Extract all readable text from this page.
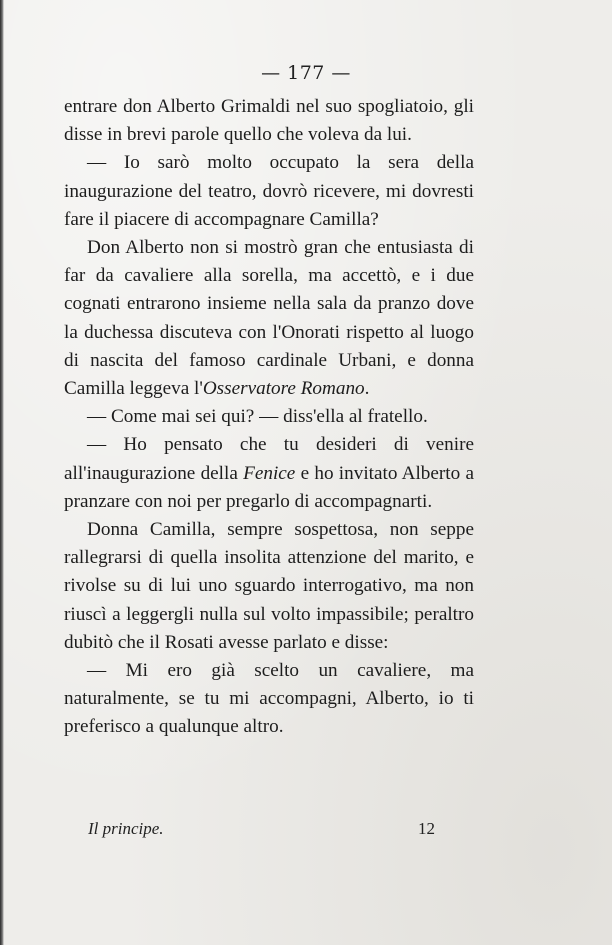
— 177 —

entrare don Alberto Grimaldi nel suo spogliatoio, gli disse in brevi parole quello che voleva da lui.

— Io sarò molto occupato la sera della inaugurazione del teatro, dovrò ricevere, mi dovresti fare il piacere di accompagnare Camilla?

Don Alberto non si mostrò gran che entusiasta di far da cavaliere alla sorella, ma accettò, e i due cognati entrarono insieme nella sala da pranzo dove la duchessa discuteva con l'Onorati rispetto al luogo di nascita del famoso cardinale Urbani, e donna Camilla leggeva l'Osservatore Romano.

— Come mai sei qui? — diss'ella al fratello.

— Ho pensato che tu desideri di venire all'inaugurazione della Fenice e ho invitato Alberto a pranzare con noi per pregarlo di accompagnarti.

Donna Camilla, sempre sospettosa, non seppe rallegrarsi di quella insolita attenzione del marito, e rivolse su di lui uno sguardo interrogativo, ma non riuscì a leggergli nulla sul volto impassibile; peraltro dubitò che il Rosati avesse parlato e disse:

— Mi ero già scelto un cavaliere, ma naturalmente, se tu mi accompagni, Alberto, io ti preferisco a qualunque altro.

Il principe.	12
